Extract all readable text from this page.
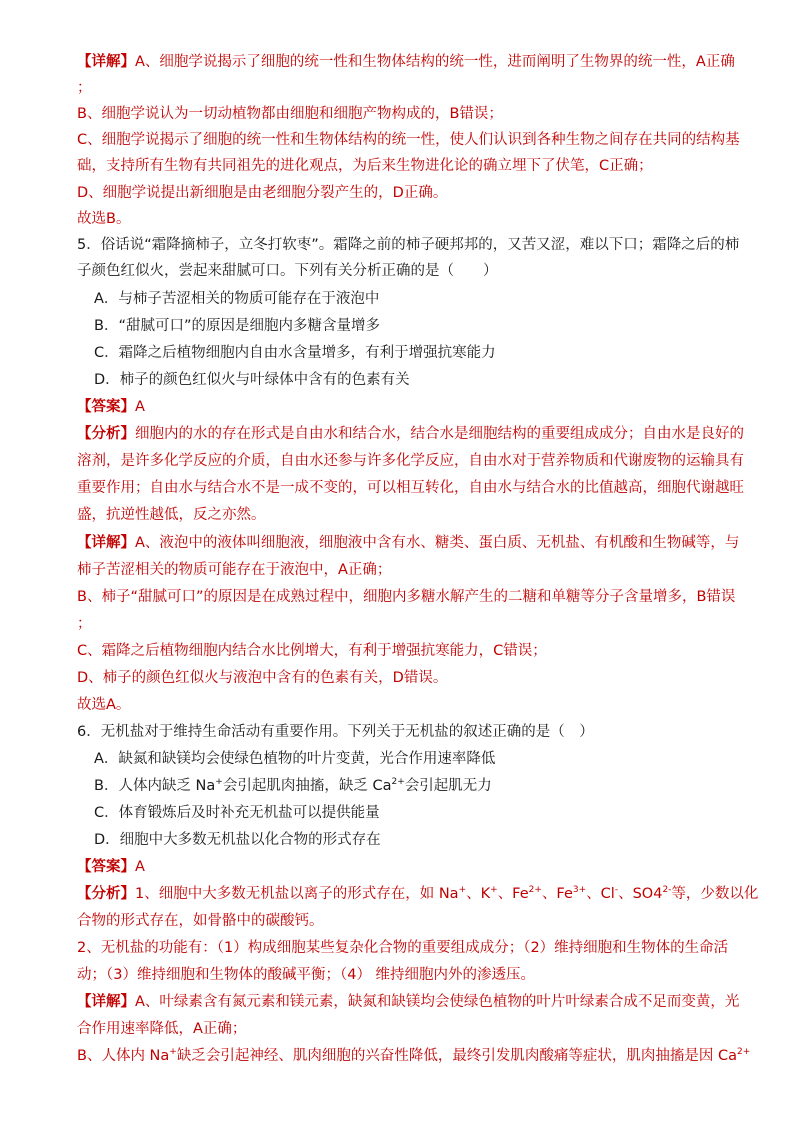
【详解】A、细胞学说揭示了细胞的统一性和生物体结构的统一性，进而阐明了生物界的统一性，A正确
；
B、细胞学说认为一切动植物都由细胞和细胞产物构成的，B错误；
C、细胞学说揭示了细胞的统一性和生物体结构的统一性，使人们认识到各种生物之间存在共同的结构基
础，支持所有生物有共同祖先的进化观点，为后来生物进化论的确立埋下了伏笔，C正确；
D、细胞学说提出新细胞是由老细胞分裂产生的，D正确。
故选B。
5．俗话说“霜降摘柿子，立冬打软枣”。霜降之前的柿子硬邦邦的，又苦又涩，难以下口；霜降之后的柿
子颜色红似火，尝起来甜腻可口。下列有关分析正确的是（　　）
A．与柿子苦涩相关的物质可能存在于液泡中
B．“甜腻可口”的原因是细胞内多糖含量增多
C．霜降之后植物细胞内自由水含量增多，有利于增强抗寒能力
D．柿子的颜色红似火与叶绿体中含有的色素有关
【答案】A
【分析】细胞内的水的存在形式是自由水和结合水，结合水是细胞结构的重要组成成分；自由水是良好的
溶剂，是许多化学反应的介质，自由水还参与许多化学反应，自由水对于营养物质和代谢废物的运输具有
重要作用；自由水与结合水不是一成不变的，可以相互转化，自由水与结合水的比值越高，细胞代谢越旺
盛，抗逆性越低，反之亦然。
【详解】A、液泡中的液体叫细胞液，细胞液中含有水、糖类、蛋白质、无机盐、有机酸和生物碱等，与
柿子苦涩相关的物质可能存在于液泡中，A正确；
B、柿子“甜腻可口”的原因是在成熟过程中，细胞内多糖水解产生的二糖和单糖等分子含量增多，B错误
；
C、霜降之后植物细胞内结合水比例增大，有利于增强抗寒能力，C错误；
D、柿子的颜色红似火与液泡中含有的色素有关，D错误。
故选A。
6．无机盐对于维持生命活动有重要作用。下列关于无机盐的叙述正确的是（　）
A．缺氮和缺镁均会使绿色植物的叶片变黄，光合作用速率降低
B．人体内缺乏 Na+会引起肌肉抽搐，缺乏 $Ca^{2+}$会引起肌无力
C．体育锻炼后及时补充无机盐可以提供能量
D．细胞中大多数无机盐以化合物的形式存在
【答案】A
【分析】1、细胞中大多数无机盐以离子的形式存在，如 Na+、K+、$Fe^{2+}$、$Fe^{3+}$、Cl-、$SO4^{2-}$等，少数以化
合物的形式存在，如骨骼中的碳酸钙。
2、无机盐的功能有：（1）构成细胞某些复杂化合物的重要组成成分；（2）维持细胞和生物体的生命活
动；（3）维持细胞和生物体的酸碱平衡；（4） 维持细胞内外的渗透压。
【详解】A、叶绿素含有氮元素和镁元素，缺氮和缺镁均会使绿色植物的叶片叶绿素合成不足而变黄，光
合作用速率降低，A正确；
B、人体内 Na+缺乏会引起神经、肌肉细胞的兴奋性降低，最终引发肌肉酸痛等症状，肌肉抽搐是因 $Ca^{2+}$
